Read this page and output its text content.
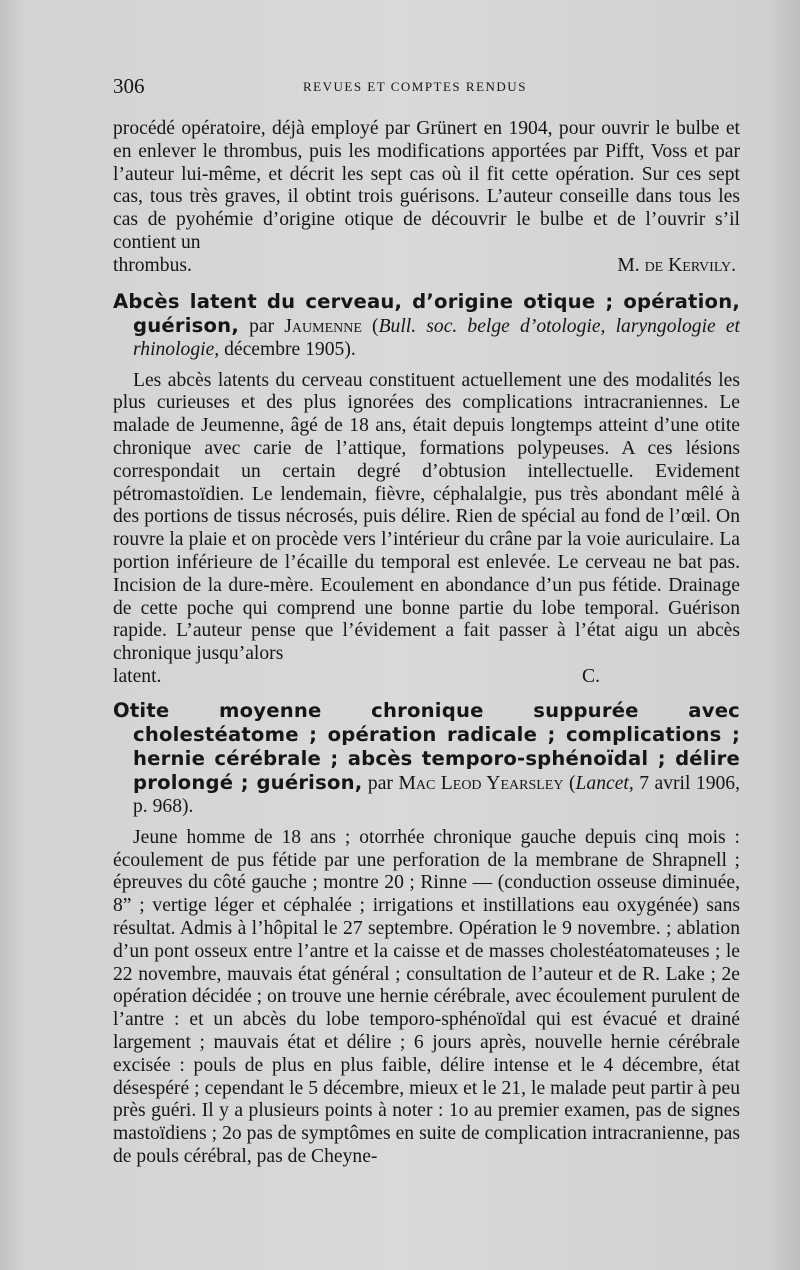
306	REVUES ET COMPTES RENDUS

procédé opératoire, déjà employé par Grünert en 1904, pour ouvrir le bulbe et en enlever le thrombus, puis les modifications apportées par Pifft, Voss et par l’auteur lui-même, et décrit les sept cas où il fit cette opération. Sur ces sept cas, tous très graves, il obtint trois guérisons. L’auteur conseille dans tous les cas de pyohémie d’origine otique de découvrir le bulbe et de l’ouvrir s’il contient un

thrombus.	M. de Kervily.

Abcès latent du cerveau, d’origine otique ; opération, guérison, par Jaumenne (Bull. soc. belge d’otologie, laryngologie et rhinologie, décembre 1905).

Les abcès latents du cerveau constituent actuellement une des modalités les plus curieuses et des plus ignorées des complications intracraniennes. Le malade de Jeumenne, âgé de 18 ans, était depuis longtemps atteint d’une otite chronique avec carie de l’attique, formations polypeuses. A ces lésions correspondait un certain degré d’obtusion intellectuelle. Evidement pétromastoïdien. Le lendemain, fièvre, céphalalgie, pus très abondant mêlé à des portions de tissus nécrosés, puis délire. Rien de spécial au fond de l’œil. On rouvre la plaie et on procède vers l’intérieur du crâne par la voie auriculaire. La portion inférieure de l’écaille du temporal est enlevée. Le cerveau ne bat pas. Incision de la dure-mère. Ecoulement en abondance d’un pus fétide. Drainage de cette poche qui comprend une bonne partie du lobe temporal. Guérison rapide. L’auteur pense que l’évidement a fait passer à l’état aigu un abcès chronique jusqu’alors

latent.	C.

Otite moyenne chronique suppurée avec cholestéatome ; opération radicale ; complications ; hernie cérébrale ; abcès temporo-sphénoïdal ; délire prolongé ; guérison, par Mac Leod Yearsley (Lancet, 7 avril 1906, p. 968).

Jeune homme de 18 ans ; otorrhée chronique gauche depuis cinq mois : écoulement de pus fétide par une perforation de la membrane de Shrapnell ; épreuves du côté gauche ; montre 20 ; Rinne — (conduction osseuse diminuée, 8” ; vertige léger et céphalée ; irrigations et instillations eau oxygénée) sans résultat. Admis à l’hôpital le 27 septembre. Opération le 9 novembre. ; ablation d’un pont osseux entre l’antre et la caisse et de masses cholestéatomateuses ; le 22 novembre, mauvais état général ; consultation de l’auteur et de R. Lake ; 2e opération décidée ; on trouve une hernie cérébrale, avec écoulement purulent de l’antre : et un abcès du lobe temporo-sphénoïdal qui est évacué et drainé largement ; mauvais état et délire ; 6 jours après, nouvelle hernie cérébrale excisée : pouls de plus en plus faible, délire intense et le 4 décembre, état désespéré ; cependant le 5 décembre, mieux et le 21, le malade peut partir à peu près guéri. Il y a plusieurs points à noter : 1o au premier examen, pas de signes mastoïdiens ; 2o pas de symptômes en suite de complication intracranienne, pas de pouls cérébral, pas de Cheyne-
